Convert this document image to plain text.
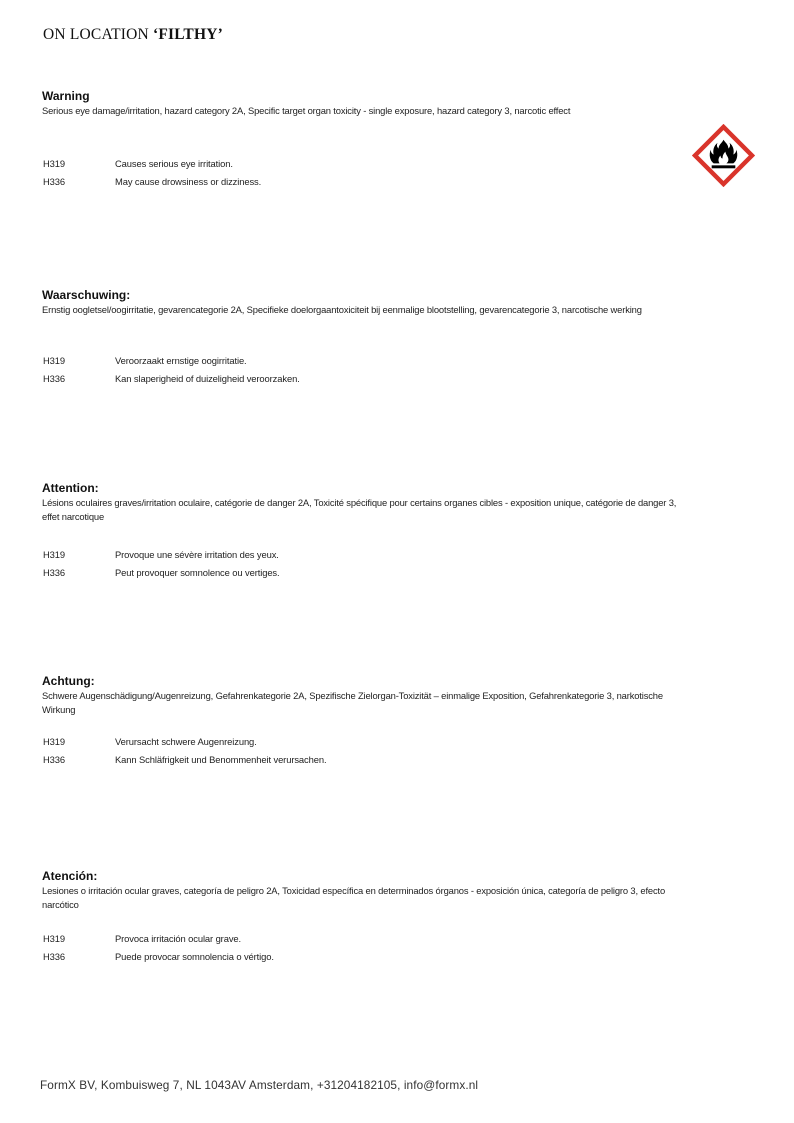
ON LOCATION ‘FILTHY’
Warning

Serious eye damage/irritation, hazard category 2A, Specific target organ toxicity - single exposure, hazard category 3, narcotic effect

H319	Causes serious eye irritation.
H336	May cause drowsiness or dizziness.
Waarschuwing:

Ernstig oogletsel/oogirritatie, gevarencategorie 2A, Specifieke doelorgaantoxiciteit bij eenmalige blootstelling, gevarencategorie 3, narcotische werking

H319	Veroorzaakt ernstige oogirritatie.
H336	Kan slaperigheid of duizeligheid veroorzaken.
Attention:

Lésions oculaires graves/irritation oculaire, catégorie de danger 2A, Toxicité spécifique pour certains organes cibles - exposition unique, catégorie de danger 3, effet narcotique

H319	Provoque une sévère irritation des yeux.
H336	Peut provoquer somnolence ou vertiges.
Achtung:

Schwere Augenschädigung/Augenreizung, Gefahrenkategorie 2A, Spezifische Zielorgan-Toxizität – einmalige Exposition, Gefahrenkategorie 3, narkotische Wirkung

H319	Verursacht schwere Augenreizung.
H336	Kann Schläfrigkeit und Benommenheit verursachen.
Atención:

Lesiones o irritación ocular graves, categoría de peligro 2A, Toxicidad específica en determinados órganos - exposición única, categoría de peligro 3, efecto narcótico

H319	Provoca irritación ocular grave.
H336	Puede provocar somnolencia o vértigo.
FormX BV, Kombuisweg 7, NL 1043AV Amsterdam, +31204182105, info@formx.nl
